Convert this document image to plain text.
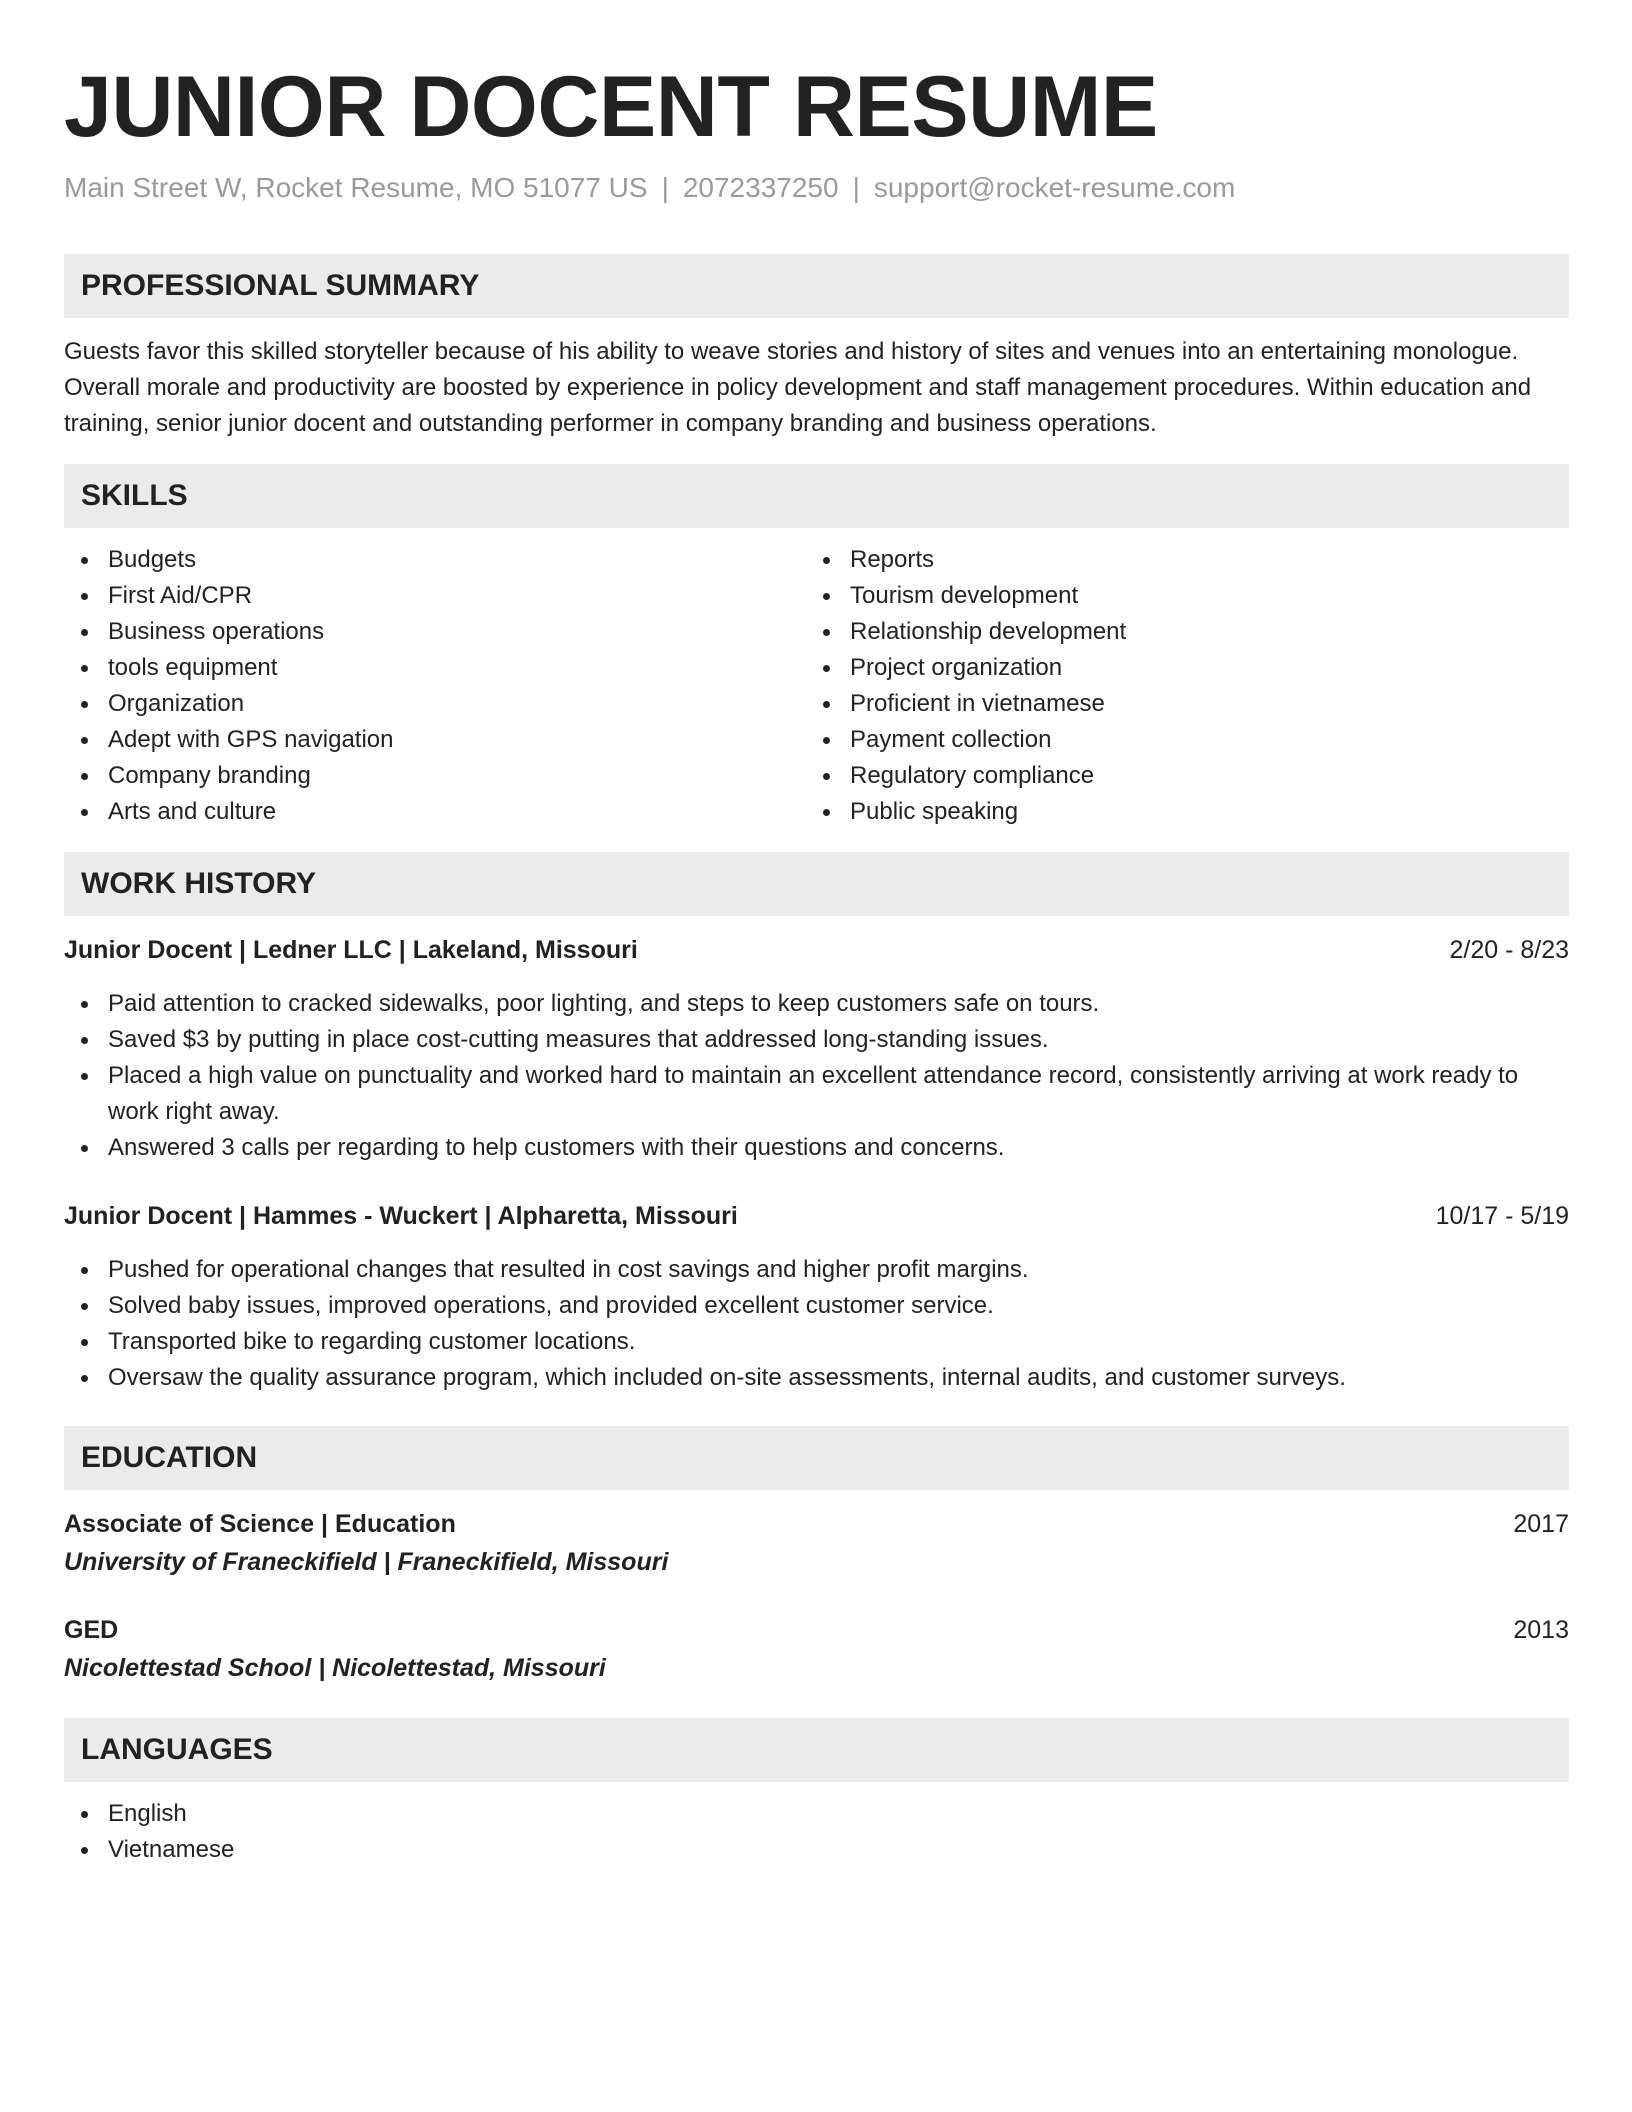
JUNIOR DOCENT RESUME
Main Street W, Rocket Resume, MO 51077 US | 2072337250 | support@rocket-resume.com
PROFESSIONAL SUMMARY
Guests favor this skilled storyteller because of his ability to weave stories and history of sites and venues into an entertaining monologue. Overall morale and productivity are boosted by experience in policy development and staff management procedures. Within education and training, senior junior docent and outstanding performer in company branding and business operations.
SKILLS
Budgets
First Aid/CPR
Business operations
tools equipment
Organization
Adept with GPS navigation
Company branding
Arts and culture
Reports
Tourism development
Relationship development
Project organization
Proficient in vietnamese
Payment collection
Regulatory compliance
Public speaking
WORK HISTORY
Junior Docent | Ledner LLC | Lakeland, Missouri	2/20 - 8/23
Paid attention to cracked sidewalks, poor lighting, and steps to keep customers safe on tours.
Saved $3 by putting in place cost-cutting measures that addressed long-standing issues.
Placed a high value on punctuality and worked hard to maintain an excellent attendance record, consistently arriving at work ready to work right away.
Answered 3 calls per regarding to help customers with their questions and concerns.
Junior Docent | Hammes - Wuckert | Alpharetta, Missouri	10/17 - 5/19
Pushed for operational changes that resulted in cost savings and higher profit margins.
Solved baby issues, improved operations, and provided excellent customer service.
Transported bike to regarding customer locations.
Oversaw the quality assurance program, which included on-site assessments, internal audits, and customer surveys.
EDUCATION
Associate of Science | Education	2017
University of Franeckifield | Franeckifield, Missouri
GED	2013
Nicolettestad School | Nicolettestad, Missouri
LANGUAGES
English
Vietnamese
